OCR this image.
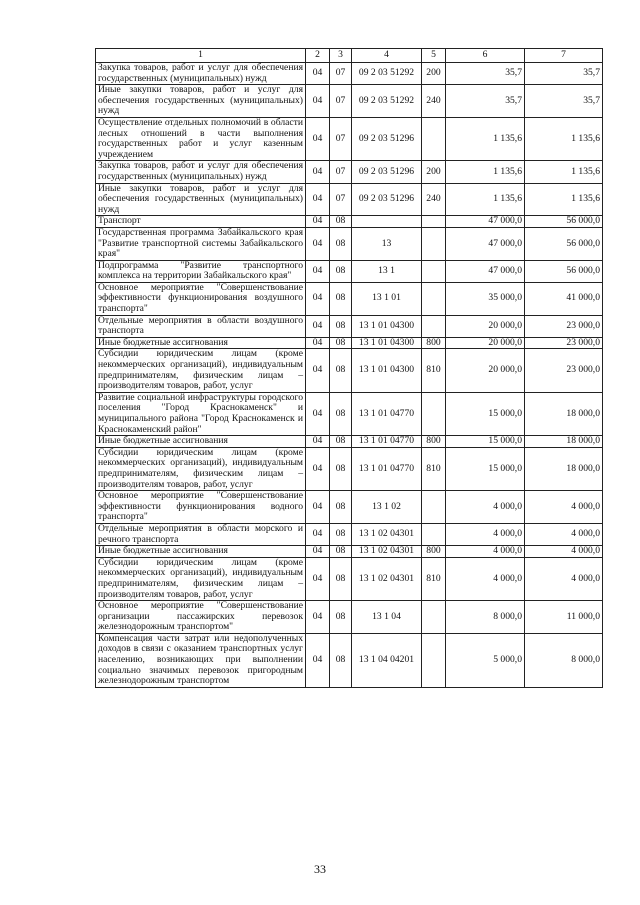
1	2	3	4	5	6	7
Закупка товаров, работ и услуг для обеспечения государственных (муниципальных) нужд	04	07	09 2 03 51292	200	35,7	35,7
Иные закупки товаров, работ и услуг для обеспечения государственных (муниципальных) нужд	04	07	09 2 03 51292	240	35,7	35,7
Осуществление отдельных полномочий в области лесных отношений в части выполнения государственных работ и услуг казенным учреждением	04	07	09 2 03 51296		1 135,6	1 135,6
Закупка товаров, работ и услуг для обеспечения государственных (муниципальных) нужд	04	07	09 2 03 51296	200	1 135,6	1 135,6
Иные закупки товаров, работ и услуг для обеспечения государственных (муниципальных) нужд	04	07	09 2 03 51296	240	1 135,6	1 135,6
Транспорт	04	08			47 000,0	56 000,0
Государственная программа Забайкальского края "Развитие транспортной системы Забайкальского края"	04	08	13		47 000,0	56 000,0
Подпрограмма "Развитие транспортного комплекса на территории Забайкальского края"	04	08	13 1		47 000,0	56 000,0
Основное мероприятие "Совершенствование эффективности функционирования воздушного транспорта"	04	08	13 1 01		35 000,0	41 000,0
Отдельные мероприятия в области воздушного транспорта	04	08	13 1 01 04300		20 000,0	23 000,0
Иные бюджетные ассигнования	04	08	13 1 01 04300	800	20 000,0	23 000,0
Субсидии юридическим лицам (кроме некоммерческих организаций), индивидуальным предпринимателям, физическим лицам – производителям товаров, работ, услуг	04	08	13 1 01 04300	810	20 000,0	23 000,0
Развитие социальной инфраструктуры городского поселения "Город Краснокаменск" и муниципального района "Город Краснокаменск и Краснокаменский район"	04	08	13 1 01 04770		15 000,0	18 000,0
Иные бюджетные ассигнования	04	08	13 1 01 04770	800	15 000,0	18 000,0
Субсидии юридическим лицам (кроме некоммерческих организаций), индивидуальным предпринимателям, физическим лицам – производителям товаров, работ, услуг	04	08	13 1 01 04770	810	15 000,0	18 000,0
Основное мероприятие "Совершенствование эффективности функционирования водного транспорта"	04	08	13 1 02		4 000,0	4 000,0
Отдельные мероприятия в области морского и речного транспорта	04	08	13 1 02 04301		4 000,0	4 000,0
Иные бюджетные ассигнования	04	08	13 1 02 04301	800	4 000,0	4 000,0
Субсидии юридическим лицам (кроме некоммерческих организаций), индивидуальным предпринимателям, физическим лицам – производителям товаров, работ, услуг	04	08	13 1 02 04301	810	4 000,0	4 000,0
Основное мероприятие "Совершенствование организации пассажирских перевозок железнодорожным транспортом"	04	08	13 1 04		8 000,0	11 000,0
Компенсация части затрат или недополученных доходов в связи с оказанием транспортных услуг населению, возникающих при выполнении социально значимых перевозок пригородным железнодорожным транспортом	04	08	13 1 04 04201		5 000,0	8 000,0
33
